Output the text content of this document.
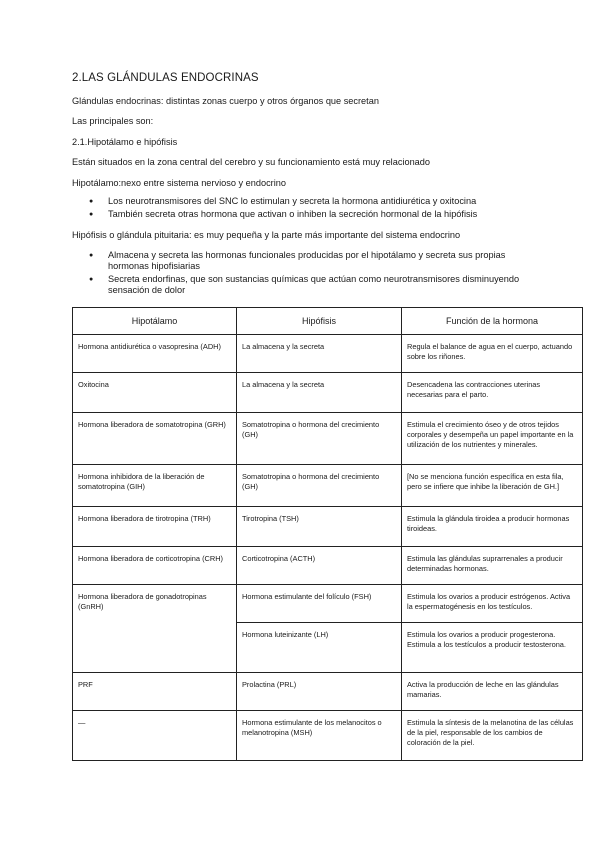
2.LAS GLÁNDULAS ENDOCRINAS
Glándulas endocrinas: distintas zonas cuerpo y otros órganos que secretan
Las principales son:
2.1.Hipotálamo e hipófisis
Están situados en la zona central del cerebro y su funcionamiento está muy relacionado
Hipotálamo:nexo entre sistema nervioso y endocrino
● Los neurotransmisores del SNC lo estimulan y secreta la hormona antidiurética y oxitocina
● También secreta otras hormona que activan o inhiben la secreción hormonal de la hipófisis
Hipófisis o glándula pituitaria: es muy pequeña y la parte más importante del sistema endocrino
● Almacena y secreta las hormonas funcionales producidas por el hipotálamo y secreta sus propias hormonas hipofisiarias
● Secreta endorfinas, que son sustancias químicas que actúan como neurotransmisores disminuyendo sensación de dolor
Hipotálamo	Hipófisis	Función de la hormona
Hormona antidiurética o vasopresina (ADH)	La almacena y la secreta	Regula el balance de agua en el cuerpo, actuando sobre los riñones.
Oxitocina	La almacena y la secreta	Desencadena las contracciones uterinas necesarias para el parto.
Hormona liberadora de somatotropina (GRH)	Somatotropina o hormona del crecimiento (GH)	Estimula el crecimiento óseo y de otros tejidos corporales y desempeña un papel importante en la utilización de los nutrientes y minerales.
Hormona inhibidora de la liberación de somatotropina (GIH)	Somatotropina o hormona del crecimiento (GH)	[No se menciona función específica en esta fila, pero se infiere que inhibe la liberación de GH.]
Hormona liberadora de tirotropina (TRH)	Tirotropina (TSH)	Estimula la glándula tiroidea a producir hormonas tiroideas.
Hormona liberadora de corticotropina (CRH)	Corticotropina (ACTH)	Estimula las glándulas suprarrenales a producir determinadas hormonas.
Hormona liberadora de gonadotropinas (GnRH)	Hormona estimulante del folículo (FSH)	Estimula los ovarios a producir estrógenos. Activa la espermatogénesis en los testículos.
	Hormona luteinizante (LH)	Estimula los ovarios a producir progesterona. Estimula a los testículos a producir testosterona.
PRF	Prolactina (PRL)	Activa la producción de leche en las glándulas mamarias.
—	Hormona estimulante de los melanocitos o melanotropina (MSH)	Estimula la síntesis de la melanotina de las células de la piel, responsable de los cambios de coloración de la piel.
